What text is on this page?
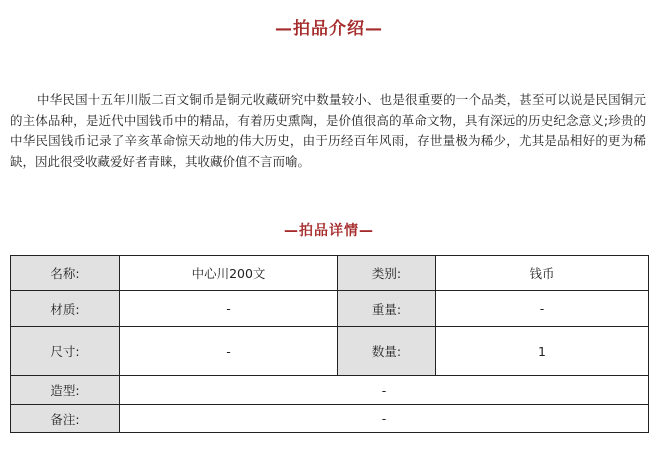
—拍品介绍—

中华民国十五年川版二百文铜币是铜元收藏研究中数量较小、也是很重要的一个品类，甚至可以说是民国铜元的主体品种，是近代中国钱币中的精品，有着历史熏陶，是价值很高的革命文物，具有深远的历史纪念意义;珍贵的中华民国钱币记录了辛亥革命惊天动地的伟大历史，由于历经百年风雨，存世量极为稀少，尤其是品相好的更为稀缺，因此很受收藏爱好者青睐，其收藏价值不言而喻。

—拍品详情—
名称:	中心川200文	类别:	钱币
材质:	-	重量:	-
尺寸:	-	数量:	1
造型:	-		
备注:	-		
